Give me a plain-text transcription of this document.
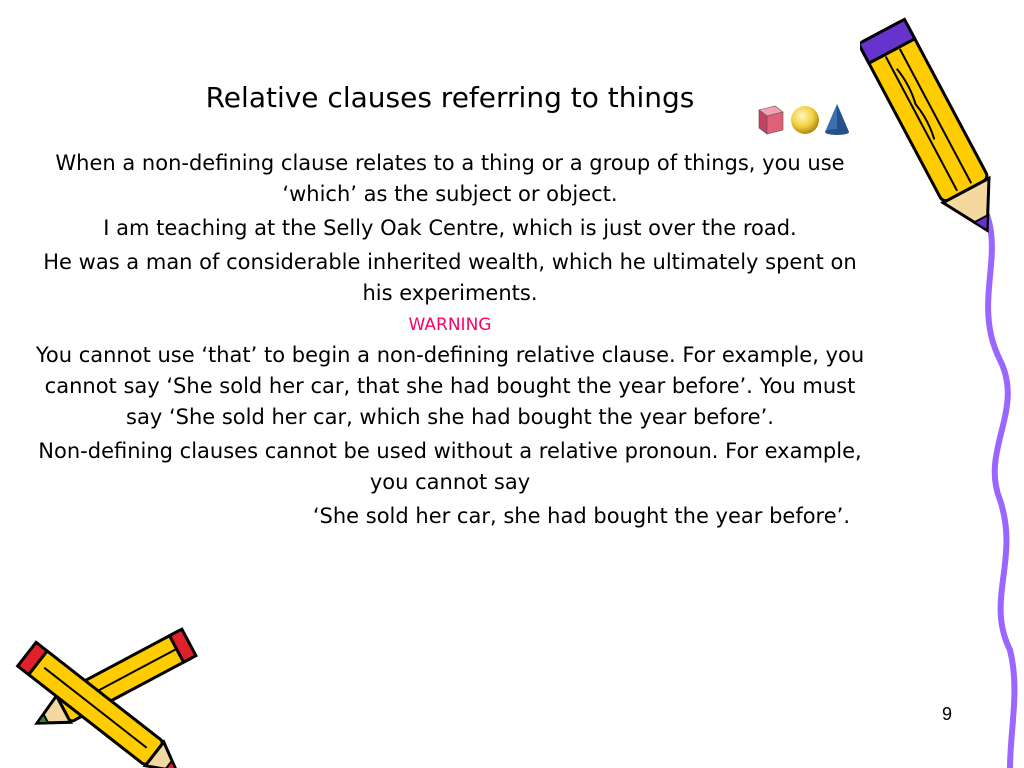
Relative clauses referring to things

When a non-defining clause relates to a thing or a group of things, you use ‘which’ as the subject or object.

I am teaching at the Selly Oak Centre, which is just over the road.

He was a man of considerable inherited wealth, which he ultimately spent on his experiments.

WARNING

You cannot use ‘that’ to begin a non-defining relative clause. For example, you cannot say ‘She sold her car, that she had bought the year before’. You must say ‘She sold her car, which she had bought the year before’.

Non-defining clauses cannot be used without a relative pronoun. For example, you cannot say

‘She sold her car, she had bought the year before’.

9
